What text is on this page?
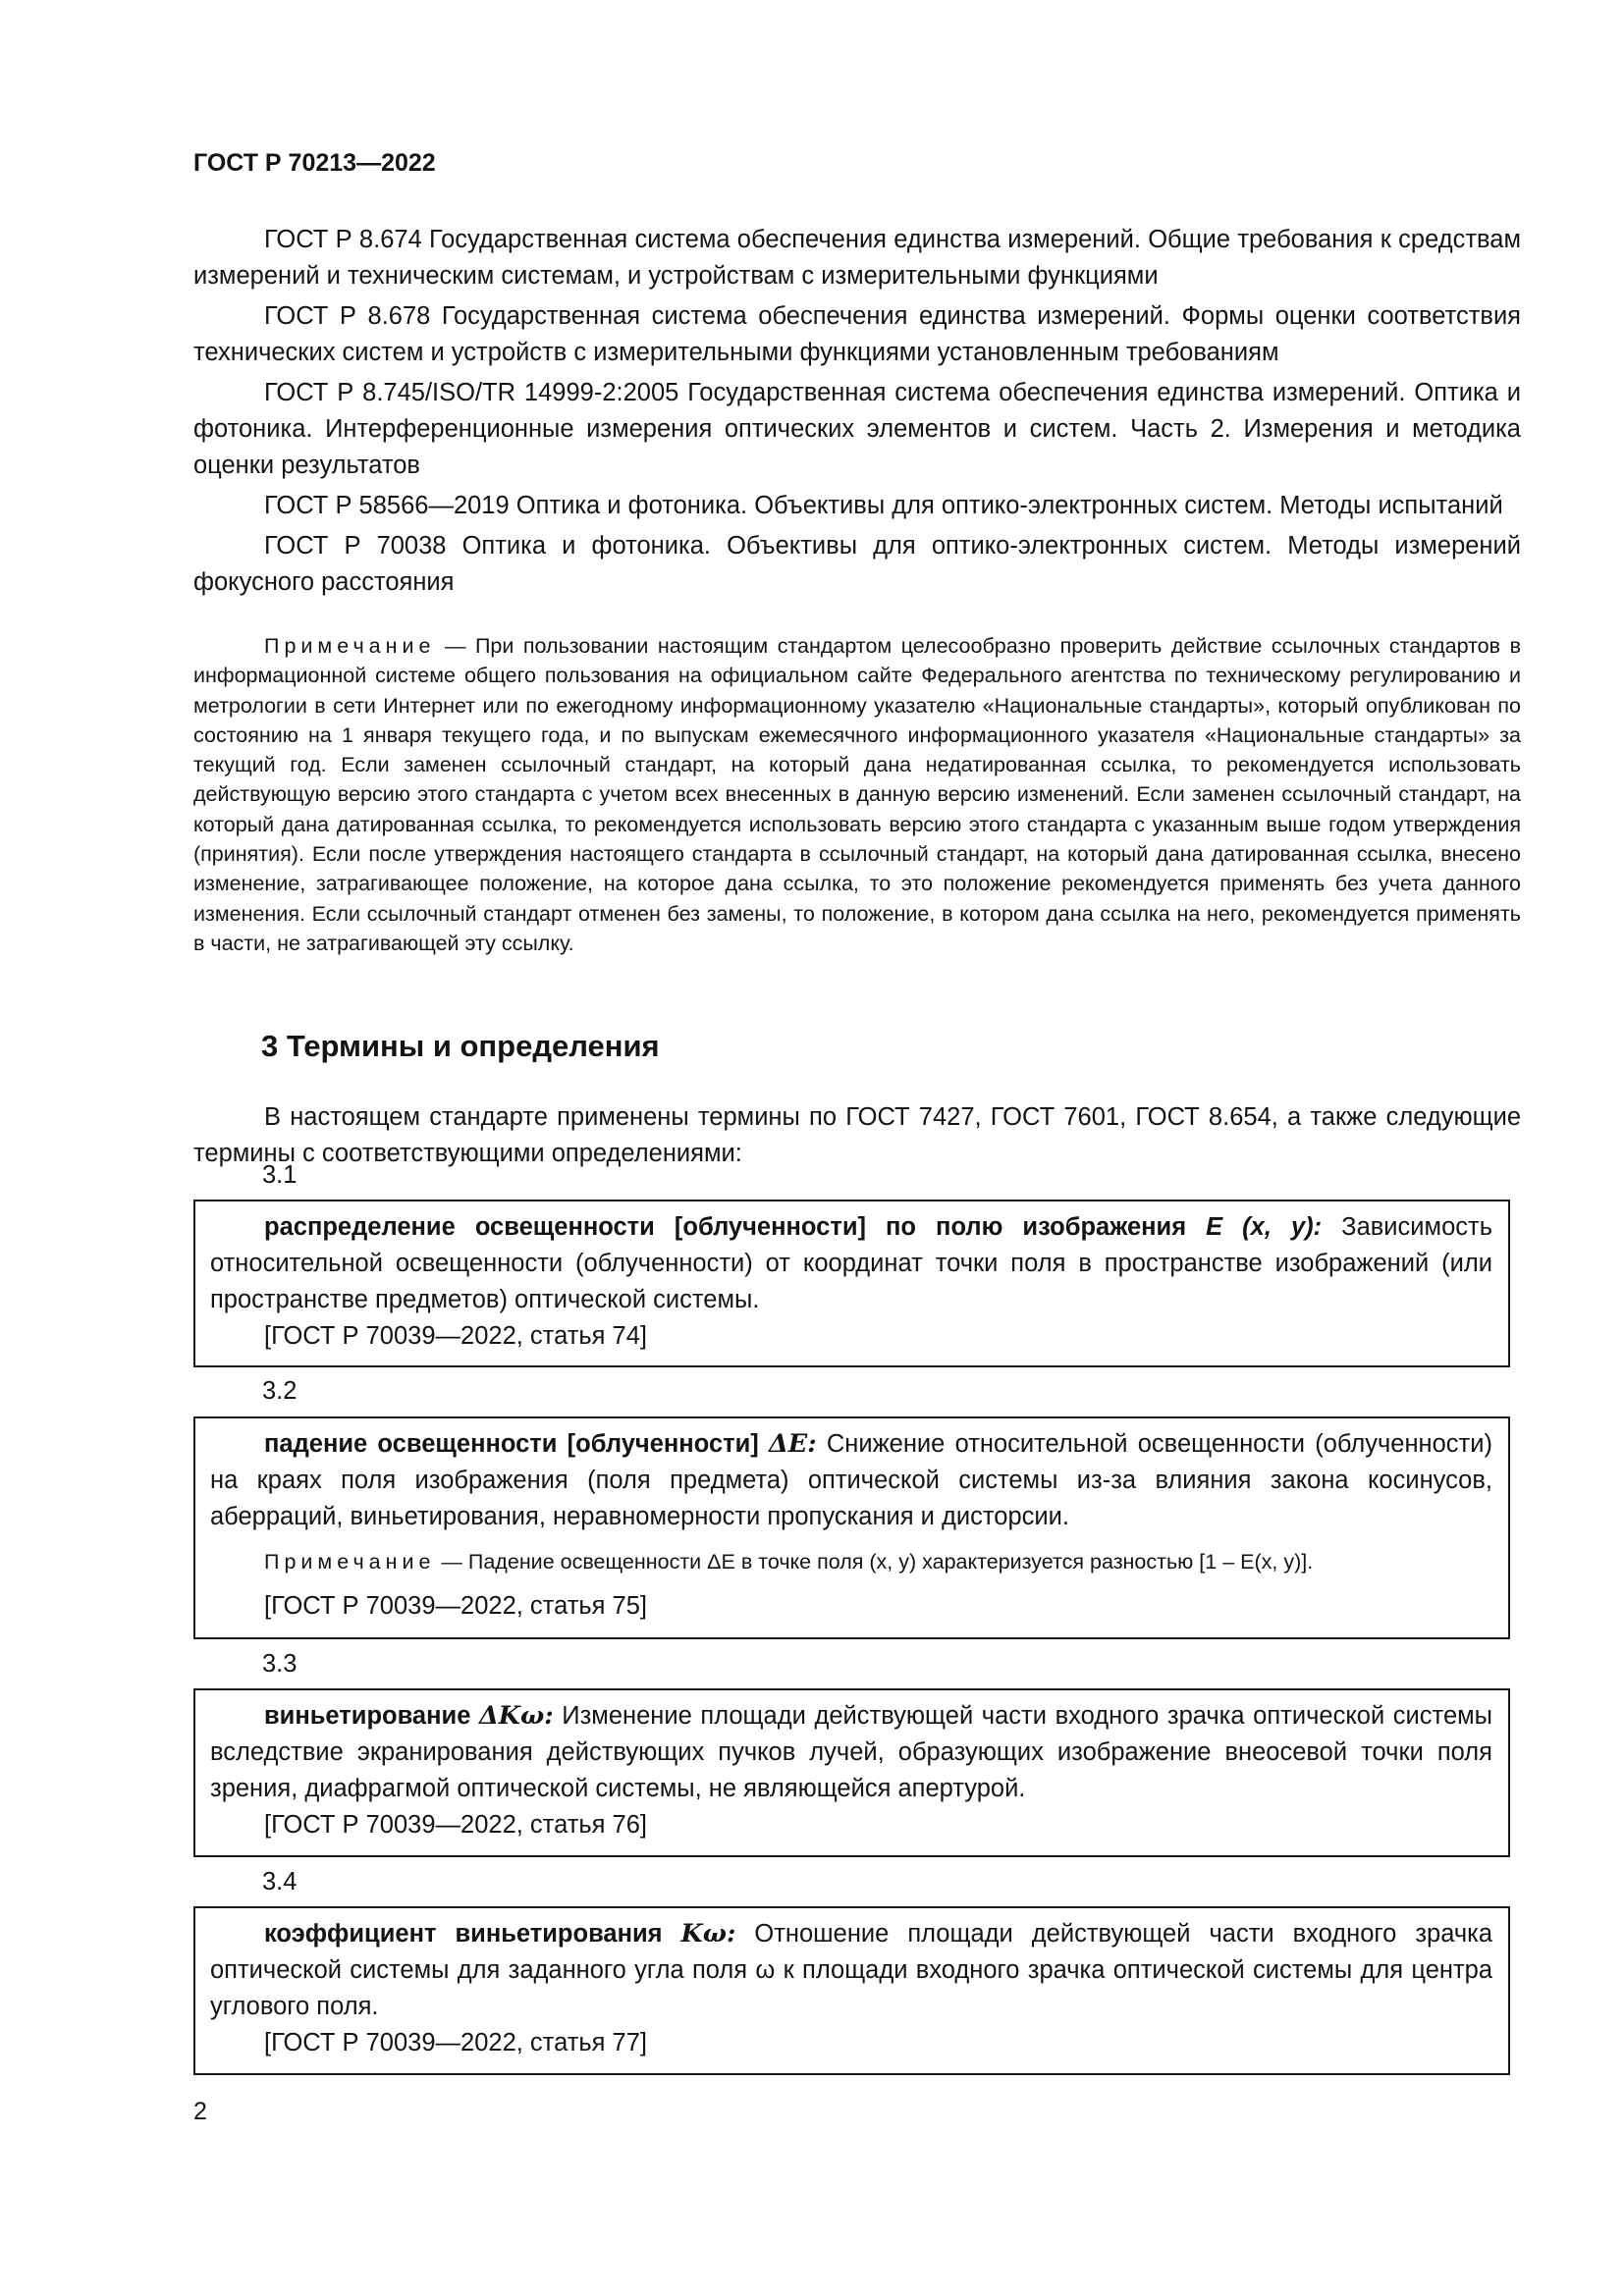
ГОСТ Р 70213—2022

ГОСТ Р 8.674 Государственная система обеспечения единства измерений. Общие требования к средствам измерений и техническим системам, и устройствам с измерительными функциями

ГОСТ Р 8.678 Государственная система обеспечения единства измерений. Формы оценки соответствия технических систем и устройств с измерительными функциями установленным требованиям

ГОСТ Р 8.745/ISO/TR 14999-2:2005 Государственная система обеспечения единства измерений. Оптика и фотоника. Интерференционные измерения оптических элементов и систем. Часть 2. Измерения и методика оценки результатов

ГОСТ Р 58566—2019 Оптика и фотоника. Объективы для оптико-электронных систем. Методы испытаний

ГОСТ Р 70038 Оптика и фотоника. Объективы для оптико-электронных систем. Методы измерений фокусного расстояния

Примечание — При пользовании настоящим стандартом целесообразно проверить действие ссылочных стандартов в информационной системе общего пользования на официальном сайте Федерального агентства по техническому регулированию и метрологии в сети Интернет или по ежегодному информационному указателю «Национальные стандарты», который опубликован по состоянию на 1 января текущего года, и по выпускам ежемесячного информационного указателя «Национальные стандарты» за текущий год. Если заменен ссылочный стандарт, на который дана недатированная ссылка, то рекомендуется использовать действующую версию этого стандарта с учетом всех внесенных в данную версию изменений. Если заменен ссылочный стандарт, на который дана датированная ссылка, то рекомендуется использовать версию этого стандарта с указанным выше годом утверждения (принятия). Если после утверждения настоящего стандарта в ссылочный стандарт, на который дана датированная ссылка, внесено изменение, затрагивающее положение, на которое дана ссылка, то это положение рекомендуется применять без учета данного изменения. Если ссылочный стандарт отменен без замены, то положение, в котором дана ссылка на него, рекомендуется применять в части, не затрагивающей эту ссылку.

3 Термины и определения

В настоящем стандарте применены термины по ГОСТ 7427, ГОСТ 7601, ГОСТ 8.654, а также следующие термины с соответствующими определениями:

3.1

распределение освещенности [облученности] по полю изображения E (x, y): Зависимость относительной освещенности (облученности) от координат точки поля в пространстве изображений (или пространстве предметов) оптической системы.

[ГОСТ Р 70039—2022, статья 74]

3.2

падение освещенности [облученности] ΔE: Снижение относительной освещенности (облученности) на краях поля изображения (поля предмета) оптической системы из-за влияния закона косинусов, аберраций, виньетирования, неравномерности пропускания и дисторсии.

Примечание — Падение освещенности ΔE в точке поля (x, y) характеризуется разностью [1 – E(x, y)].

[ГОСТ Р 70039—2022, статья 75]

3.3

виньетирование ΔKω: Изменение площади действующей части входного зрачка оптической системы вследствие экранирования действующих пучков лучей, образующих изображение внеосевой точки поля зрения, диафрагмой оптической системы, не являющейся апертурой.

[ГОСТ Р 70039—2022, статья 76]

3.4

коэффициент виньетирования Kω: Отношение площади действующей части входного зрачка оптической системы для заданного угла поля ω к площади входного зрачка оптической системы для центра углового поля.

[ГОСТ Р 70039—2022, статья 77]

2
